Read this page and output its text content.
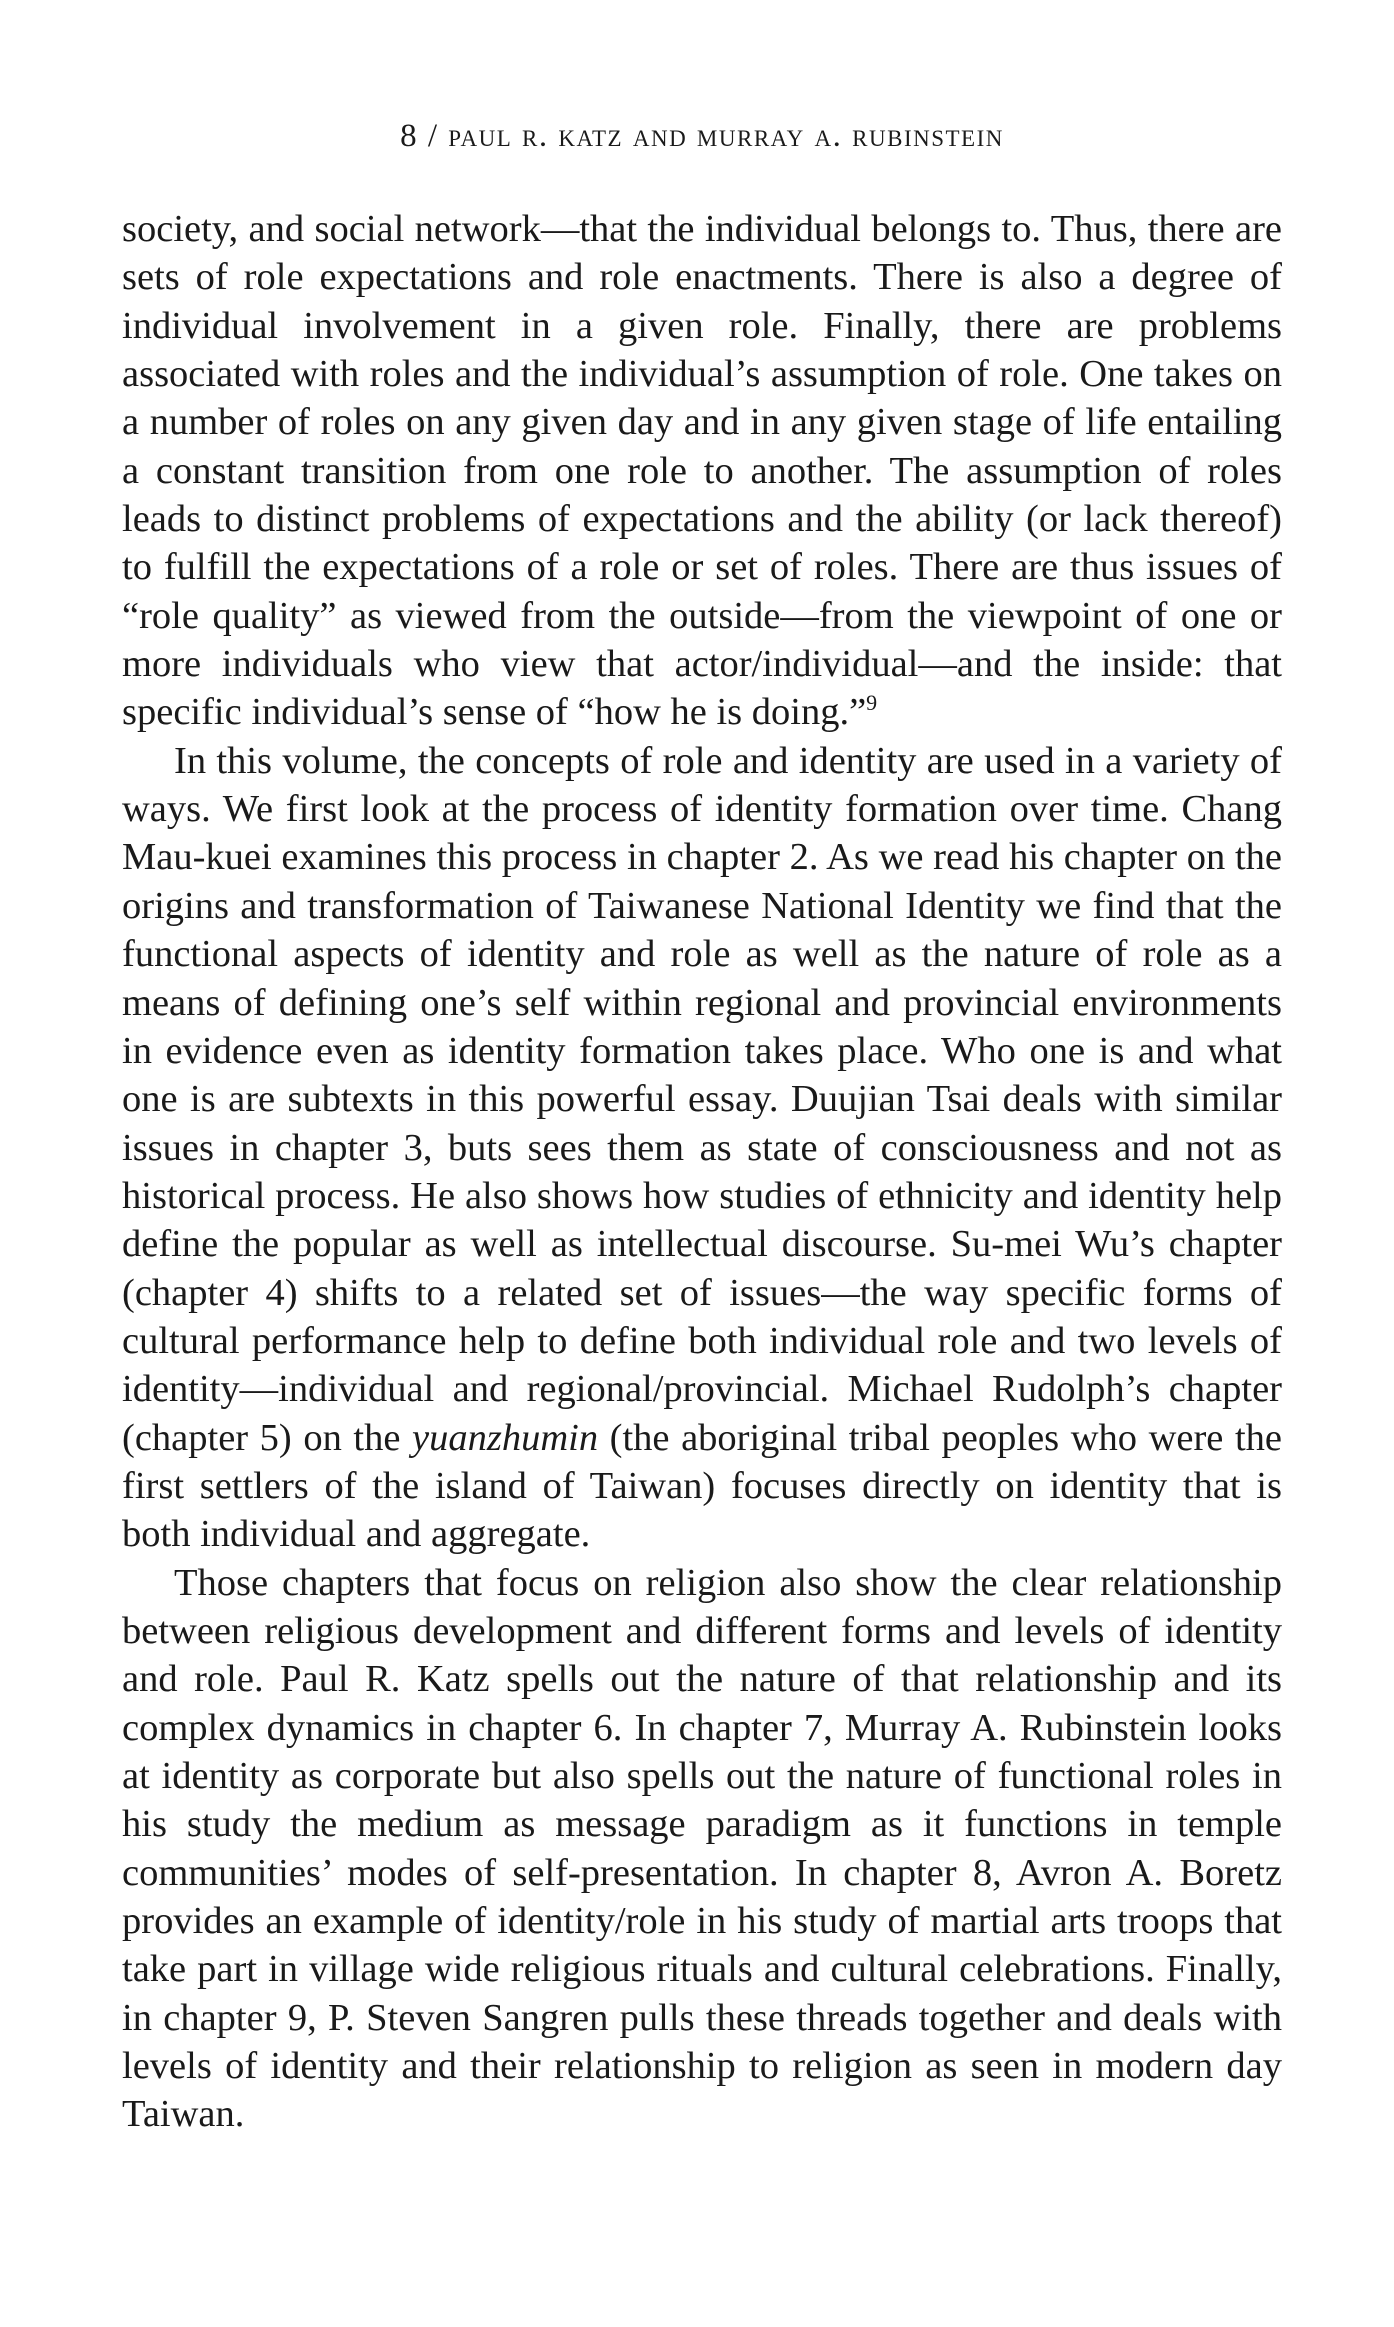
8 / paul r. katz and murray a. rubinstein

society, and social network—that the individual belongs to. Thus, there are sets of role expectations and role enactments. There is also a degree of individual involvement in a given role. Finally, there are problems associated with roles and the individual’s assumption of role. One takes on a number of roles on any given day and in any given stage of life entailing a constant transition from one role to another. The assumption of roles leads to distinct problems of expectations and the ability (or lack thereof) to fulfill the expectations of a role or set of roles. There are thus issues of “role quality” as viewed from the outside—from the viewpoint of one or more individuals who view that actor/individual—and the inside: that specific individual’s sense of “how he is doing.”$^9$

In this volume, the concepts of role and identity are used in a variety of ways. We first look at the process of identity formation over time. Chang Mau-kuei examines this process in chapter 2. As we read his chapter on the origins and transformation of Taiwanese National Identity we find that the functional aspects of identity and role as well as the nature of role as a means of defining one’s self within regional and provincial environments in evidence even as identity formation takes place. Who one is and what one is are subtexts in this powerful essay. Duujian Tsai deals with similar issues in chapter 3, buts sees them as state of consciousness and not as historical process. He also shows how studies of ethnicity and identity help define the popular as well as intellectual discourse. Su-mei Wu’s chapter (chapter 4) shifts to a related set of issues—the way specific forms of cultural performance help to define both individual role and two levels of identity—individual and regional/provincial. Michael Rudolph’s chapter (chapter 5) on the yuanzhumin (the aboriginal tribal peoples who were the first settlers of the island of Taiwan) focuses directly on identity that is both individual and aggregate.

Those chapters that focus on religion also show the clear relationship between religious development and different forms and levels of identity and role. Paul R. Katz spells out the nature of that relationship and its complex dynamics in chapter 6. In chapter 7, Murray A. Rubinstein looks at identity as corporate but also spells out the nature of functional roles in his study the medium as message paradigm as it functions in temple communities’ modes of self-presentation. In chapter 8, Avron A. Boretz provides an example of identity/role in his study of martial arts troops that take part in village wide religious rituals and cultural celebrations. Finally, in chapter 9, P. Steven Sangren pulls these threads together and deals with levels of identity and their relationship to religion as seen in modern day Taiwan.
